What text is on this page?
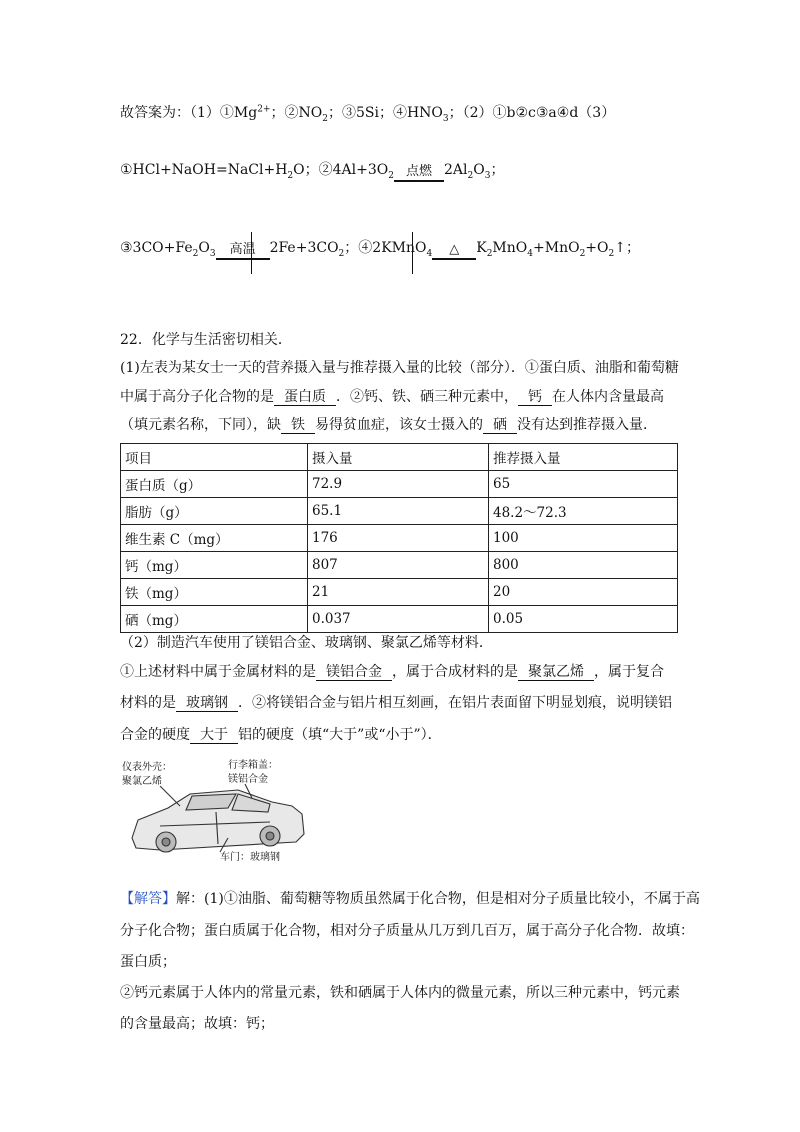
故答案为：$(1)①Mg^{2+}$；$②NO_2$；③5Si；$④HNO_3$；（2）①b②c③a④d（3）
$①HCl+NaOH=NaCl+H_2O$；$②4Al+3O_2$ 点燃 $2Al_2O_3$；
$③3CO+Fe_2O_3$	高温	$2Fe+3CO_2$；④2KMnO$_4$	△	$K_2MnO_4+MnO_2+O_2↑$；
22．化学与生活密切相关．
(1)左表为某女士一天的营养摄入量与推荐摄入量的比较（部分）．①蛋白质、油脂和葡萄糖
中属于高分子化合物的是 蛋白质 ．②钙、铁、硒三种元素中， 钙 在人体内含量最高
（填元素名称，下同），缺 铁 易得贫血症，该女士摄入的 硒 没有达到推荐摄入量．
项目	摄入量	推荐摄入量
蛋白质（g）	72.9	65
脂肪（g）	65.1	48.2～72.3
维生素 C（mg）	176	100
钙（mg）	807	800
铁（mg）	21	20
硒（mg）	0.037	0.05
（2）制造汽车使用了镁铝合金、玻璃钢、聚氯乙烯等材料．
①上述材料中属于金属材料的是 镁铝合金 ，属于合成材料的是 聚氯乙烯 ，属于复合
材料的是 玻璃钢 ．②将镁铝合金与铝片相互刻画，在铝片表面留下明显划痕，说明镁铝
合金的硬度 大于 铝的硬度（填“大于”或“小于”）．
仪表外壳：
聚氯乙烯
行李箱盖：
镁铝合金
车门：玻璃钢
【解答】解：(1)①油脂、葡萄糖等物质虽然属于化合物，但是相对分子质量比较小，不属于高
分子化合物；蛋白质属于化合物，相对分子质量从几万到几百万，属于高分子化合物．故填：
蛋白质；
②钙元素属于人体内的常量元素，铁和硒属于人体内的微量元素，所以三种元素中，钙元素
的含量最高；故填：钙；
